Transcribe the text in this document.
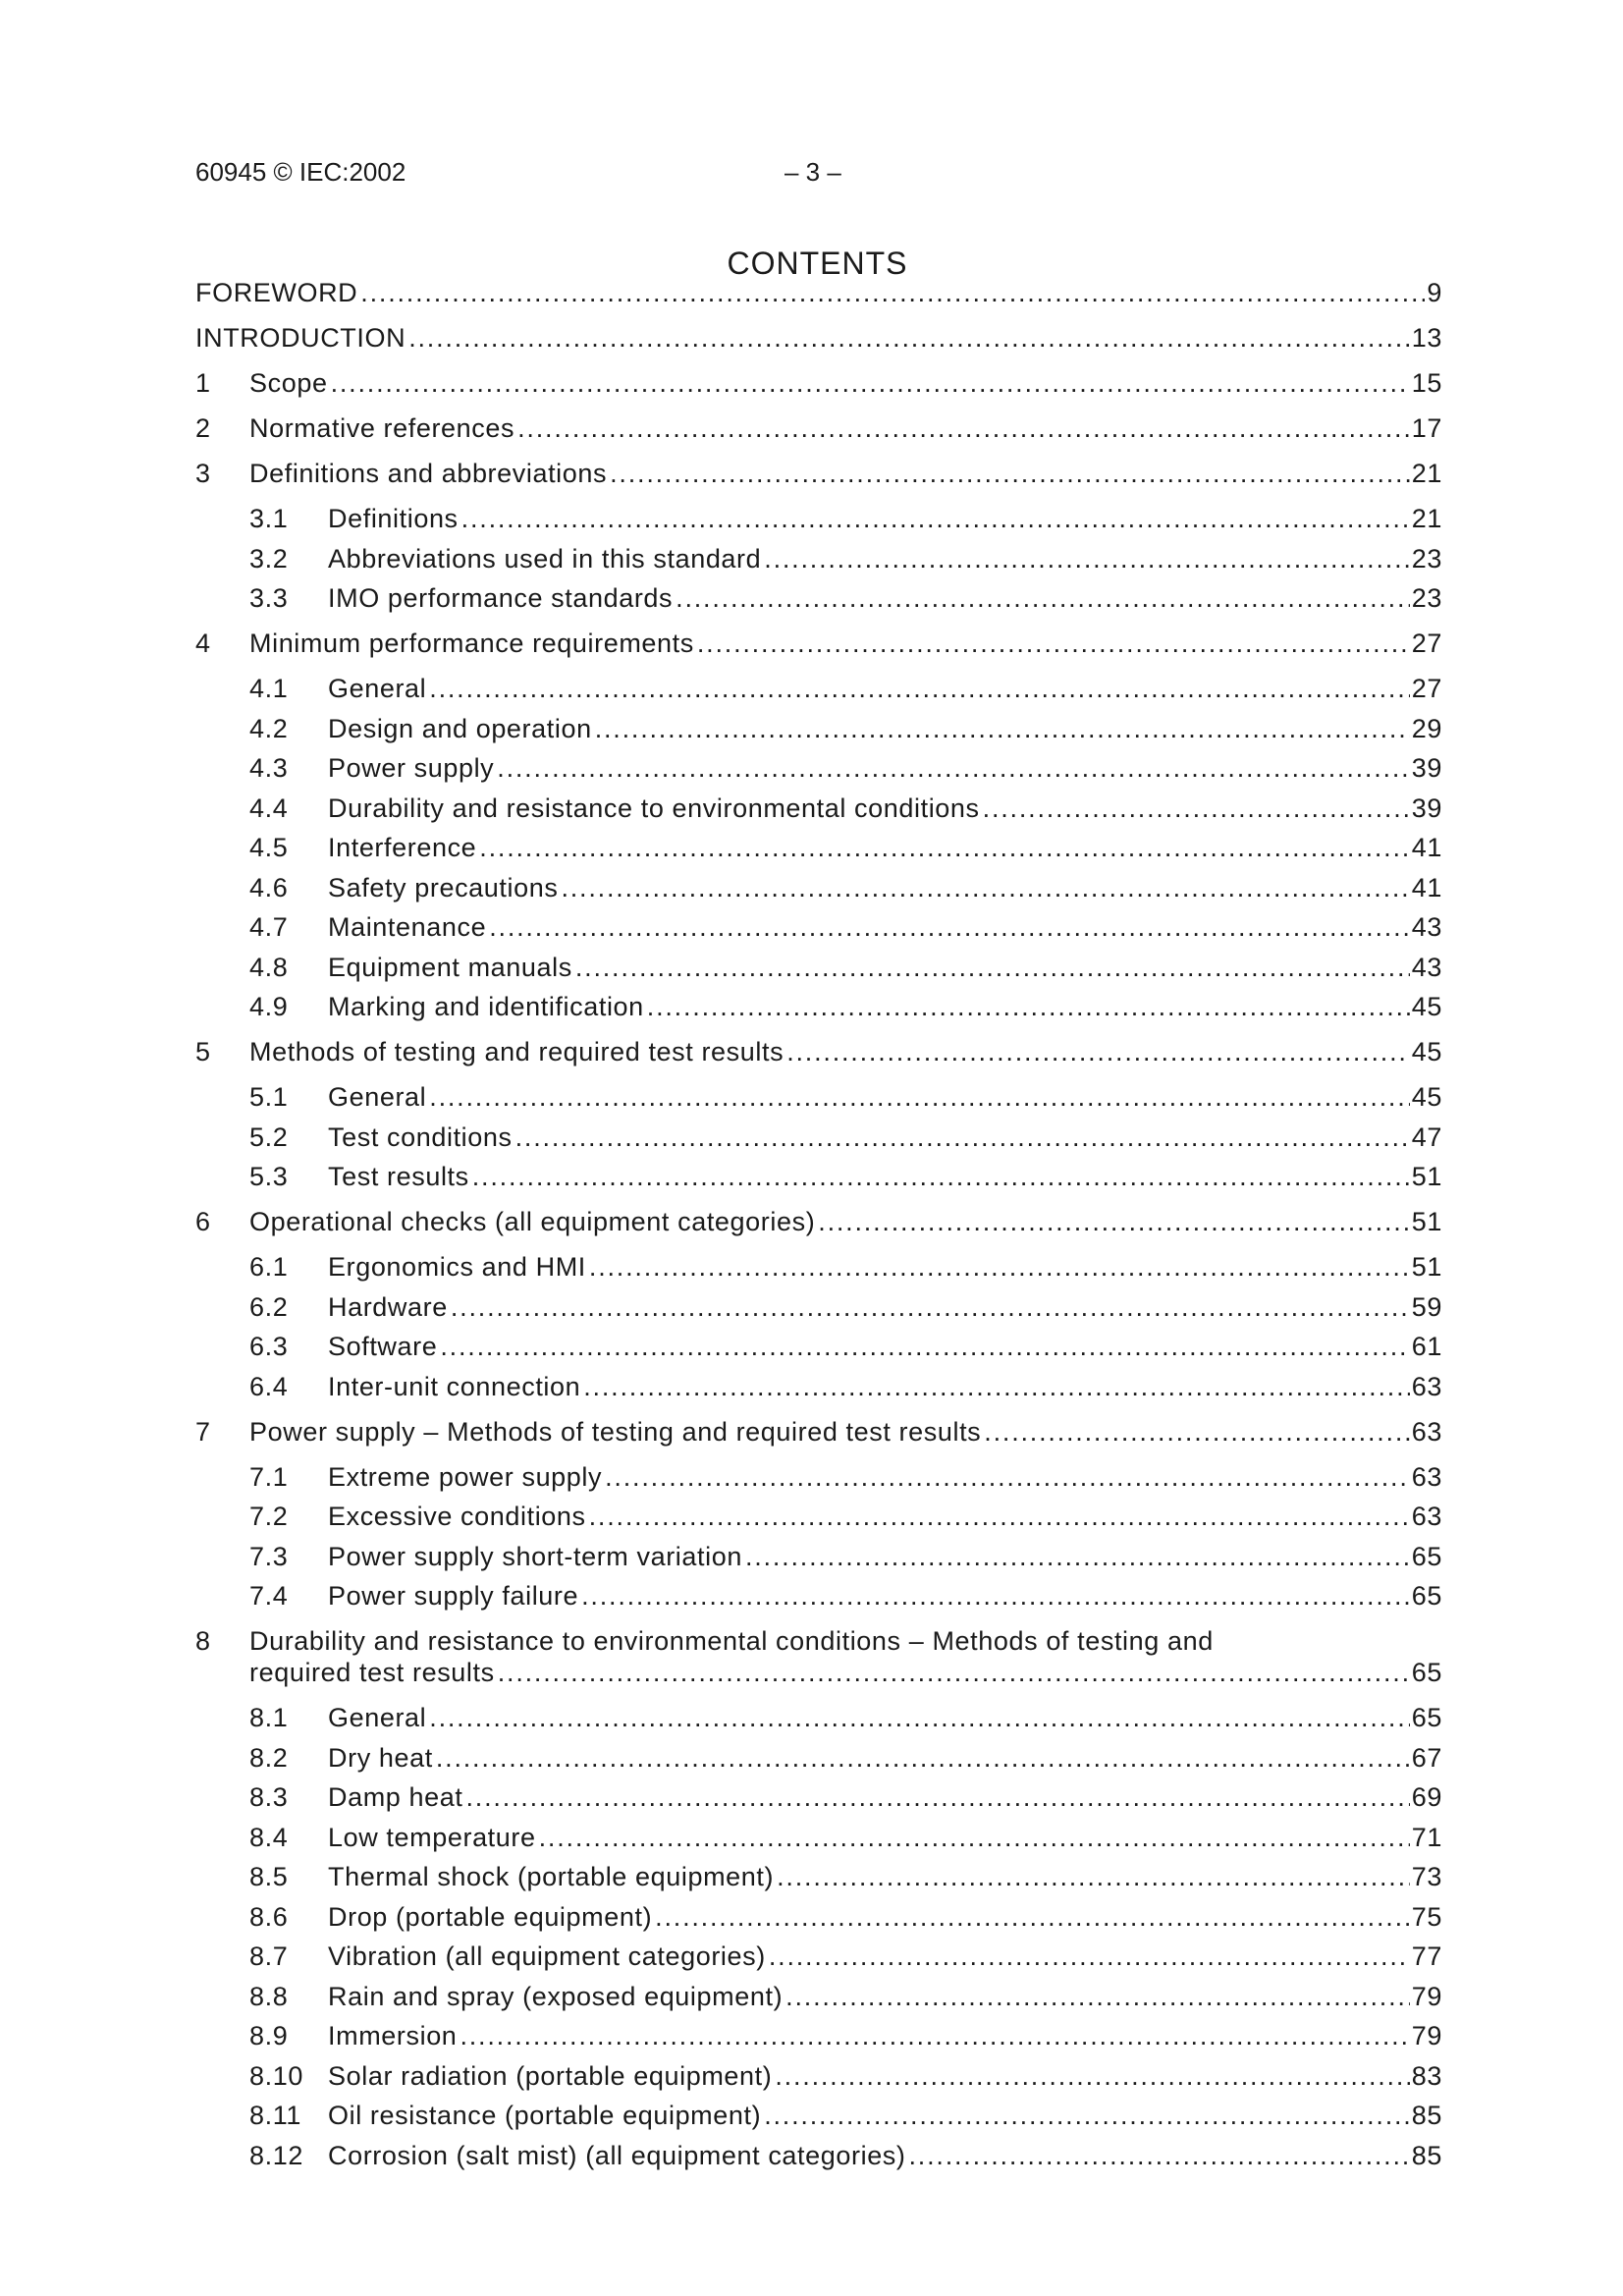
60945 © IEC:2002	– 3 –
CONTENTS
FOREWORD .....	9
INTRODUCTION .....	13
1	Scope .....	15
2	Normative references .....	17
3	Definitions and abbreviations .....	21
3.1	Definitions .....	21
3.2	Abbreviations used in this standard .....	23
3.3	IMO performance standards .....	23
4	Minimum performance requirements .....	27
4.1	General .....	27
4.2	Design and operation .....	29
4.3	Power supply .....	39
4.4	Durability and resistance to environmental conditions .....	39
4.5	Interference .....	41
4.6	Safety precautions .....	41
4.7	Maintenance .....	43
4.8	Equipment manuals .....	43
4.9	Marking and identification .....	45
5	Methods of testing and required test results .....	45
5.1	General .....	45
5.2	Test conditions .....	47
5.3	Test results .....	51
6	Operational checks (all equipment categories) .....	51
6.1	Ergonomics and HMI .....	51
6.2	Hardware .....	59
6.3	Software .....	61
6.4	Inter-unit connection .....	63
7	Power supply – Methods of testing and required test results .....	63
7.1	Extreme power supply .....	63
7.2	Excessive conditions .....	63
7.3	Power supply short-term variation .....	65
7.4	Power supply failure .....	65
8	Durability and resistance to environmental conditions – Methods of testing and
required test results .....	65
8.1	General .....	65
8.2	Dry heat .....	67
8.3	Damp heat .....	69
8.4	Low temperature .....	71
8.5	Thermal shock (portable equipment) .....	73
8.6	Drop (portable equipment) .....	75
8.7	Vibration (all equipment categories) .....	77
8.8	Rain and spray (exposed equipment) .....	79
8.9	Immersion .....	79
8.10 Solar radiation (portable equipment) .....	83
8.11	Oil resistance (portable equipment) .....	85
8.12 Corrosion (salt mist) (all equipment categories) .....	85
